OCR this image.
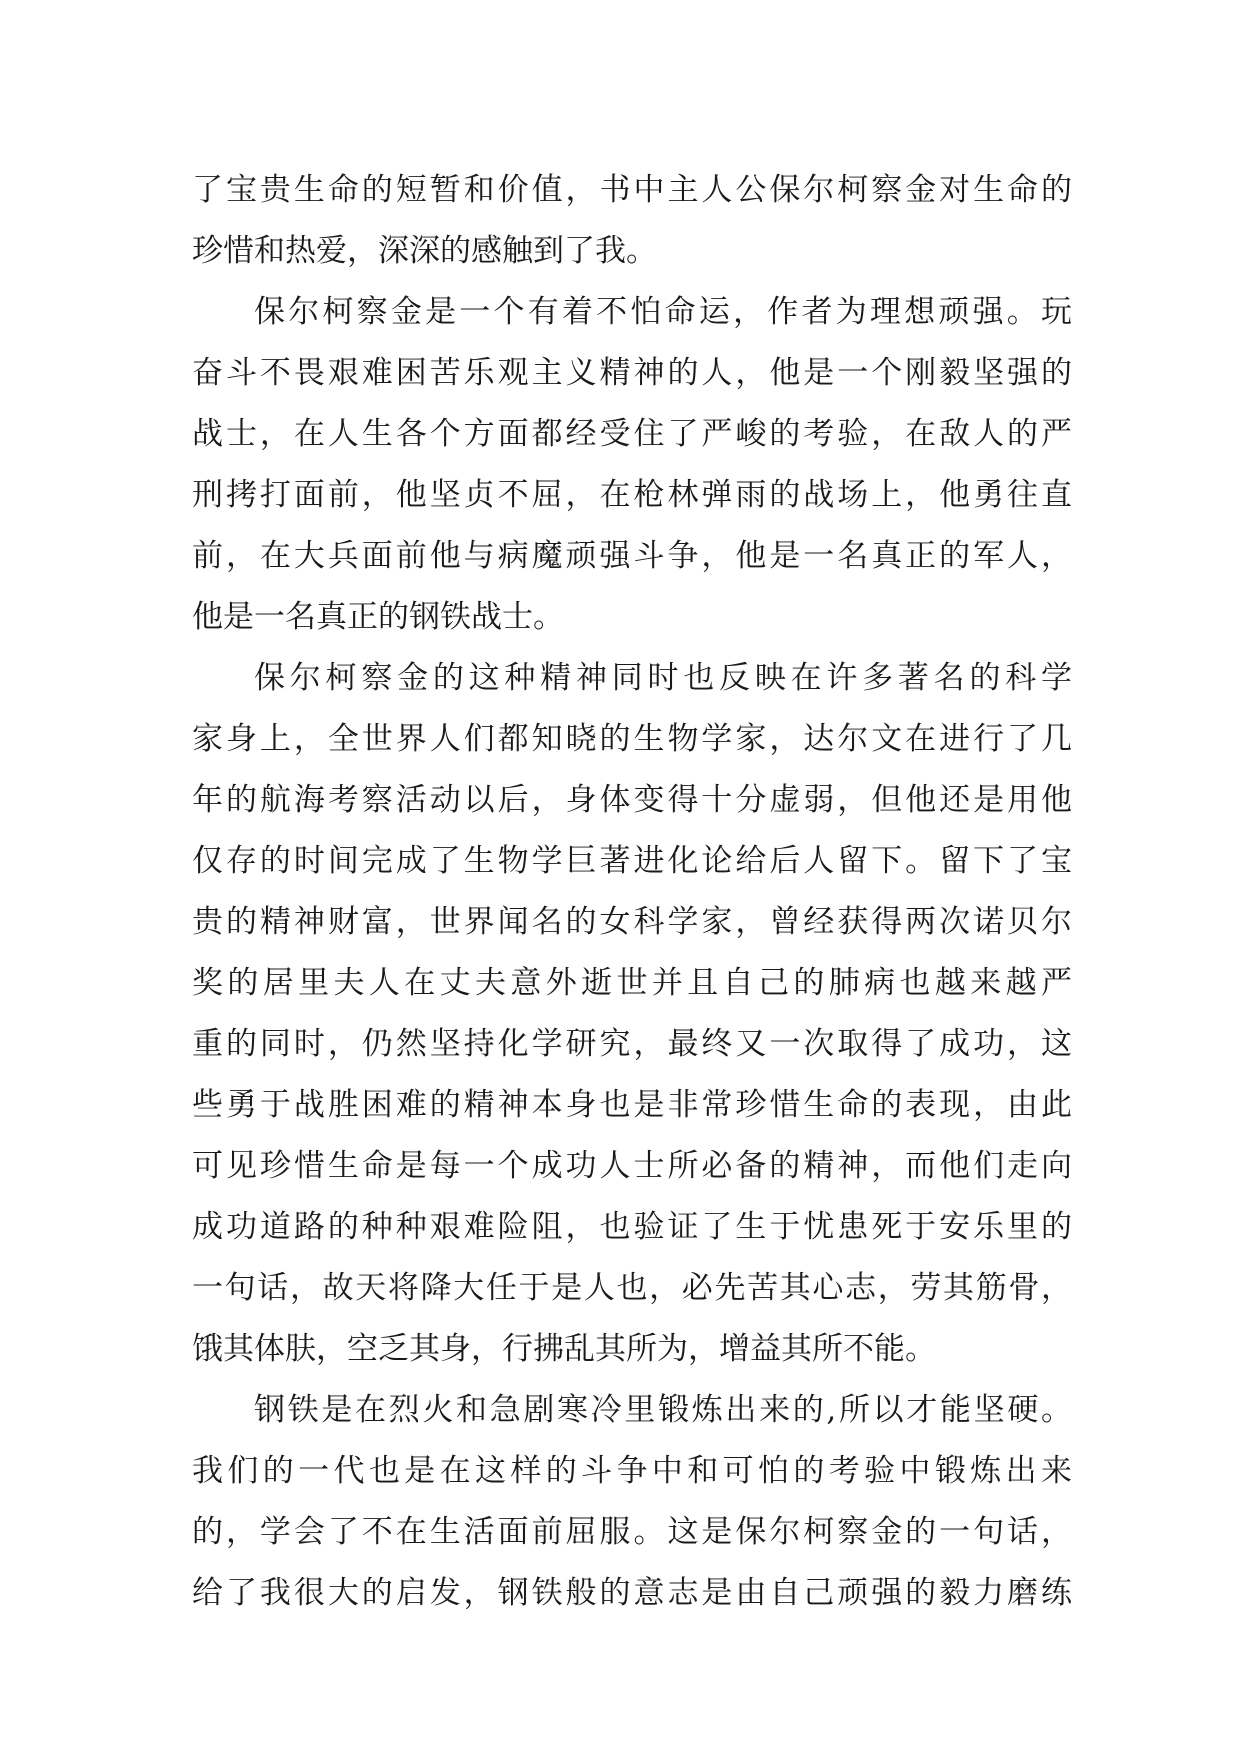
了宝贵生命的短暂和价值，书中主人公保尔柯察金对生命的
珍惜和热爱，深深的感触到了我。
保尔柯察金是一个有着不怕命运，作者为理想顽强。玩
奋斗不畏艰难困苦乐观主义精神的人，他是一个刚毅坚强的
战士，在人生各个方面都经受住了严峻的考验，在敌人的严
刑拷打面前，他坚贞不屈，在枪林弹雨的战场上，他勇往直
前，在大兵面前他与病魔顽强斗争，他是一名真正的军人，
他是一名真正的钢铁战士。
保尔柯察金的这种精神同时也反映在许多著名的科学
家身上，全世界人们都知晓的生物学家，达尔文在进行了几
年的航海考察活动以后，身体变得十分虚弱，但他还是用他
仅存的时间完成了生物学巨著进化论给后人留下。留下了宝
贵的精神财富，世界闻名的女科学家，曾经获得两次诺贝尔
奖的居里夫人在丈夫意外逝世并且自己的肺病也越来越严
重的同时，仍然坚持化学研究，最终又一次取得了成功，这
些勇于战胜困难的精神本身也是非常珍惜生命的表现，由此
可见珍惜生命是每一个成功人士所必备的精神，而他们走向
成功道路的种种艰难险阻，也验证了生于忧患死于安乐里的
一句话，故天将降大任于是人也，必先苦其心志，劳其筋骨，
饿其体肤，空乏其身，行拂乱其所为，增益其所不能。
钢铁是在烈火和急剧寒冷里锻炼出来的,所以才能坚硬。
我们的一代也是在这样的斗争中和可怕的考验中锻炼出来
的，学会了不在生活面前屈服。这是保尔柯察金的一句话，
给了我很大的启发，钢铁般的意志是由自己顽强的毅力磨练
